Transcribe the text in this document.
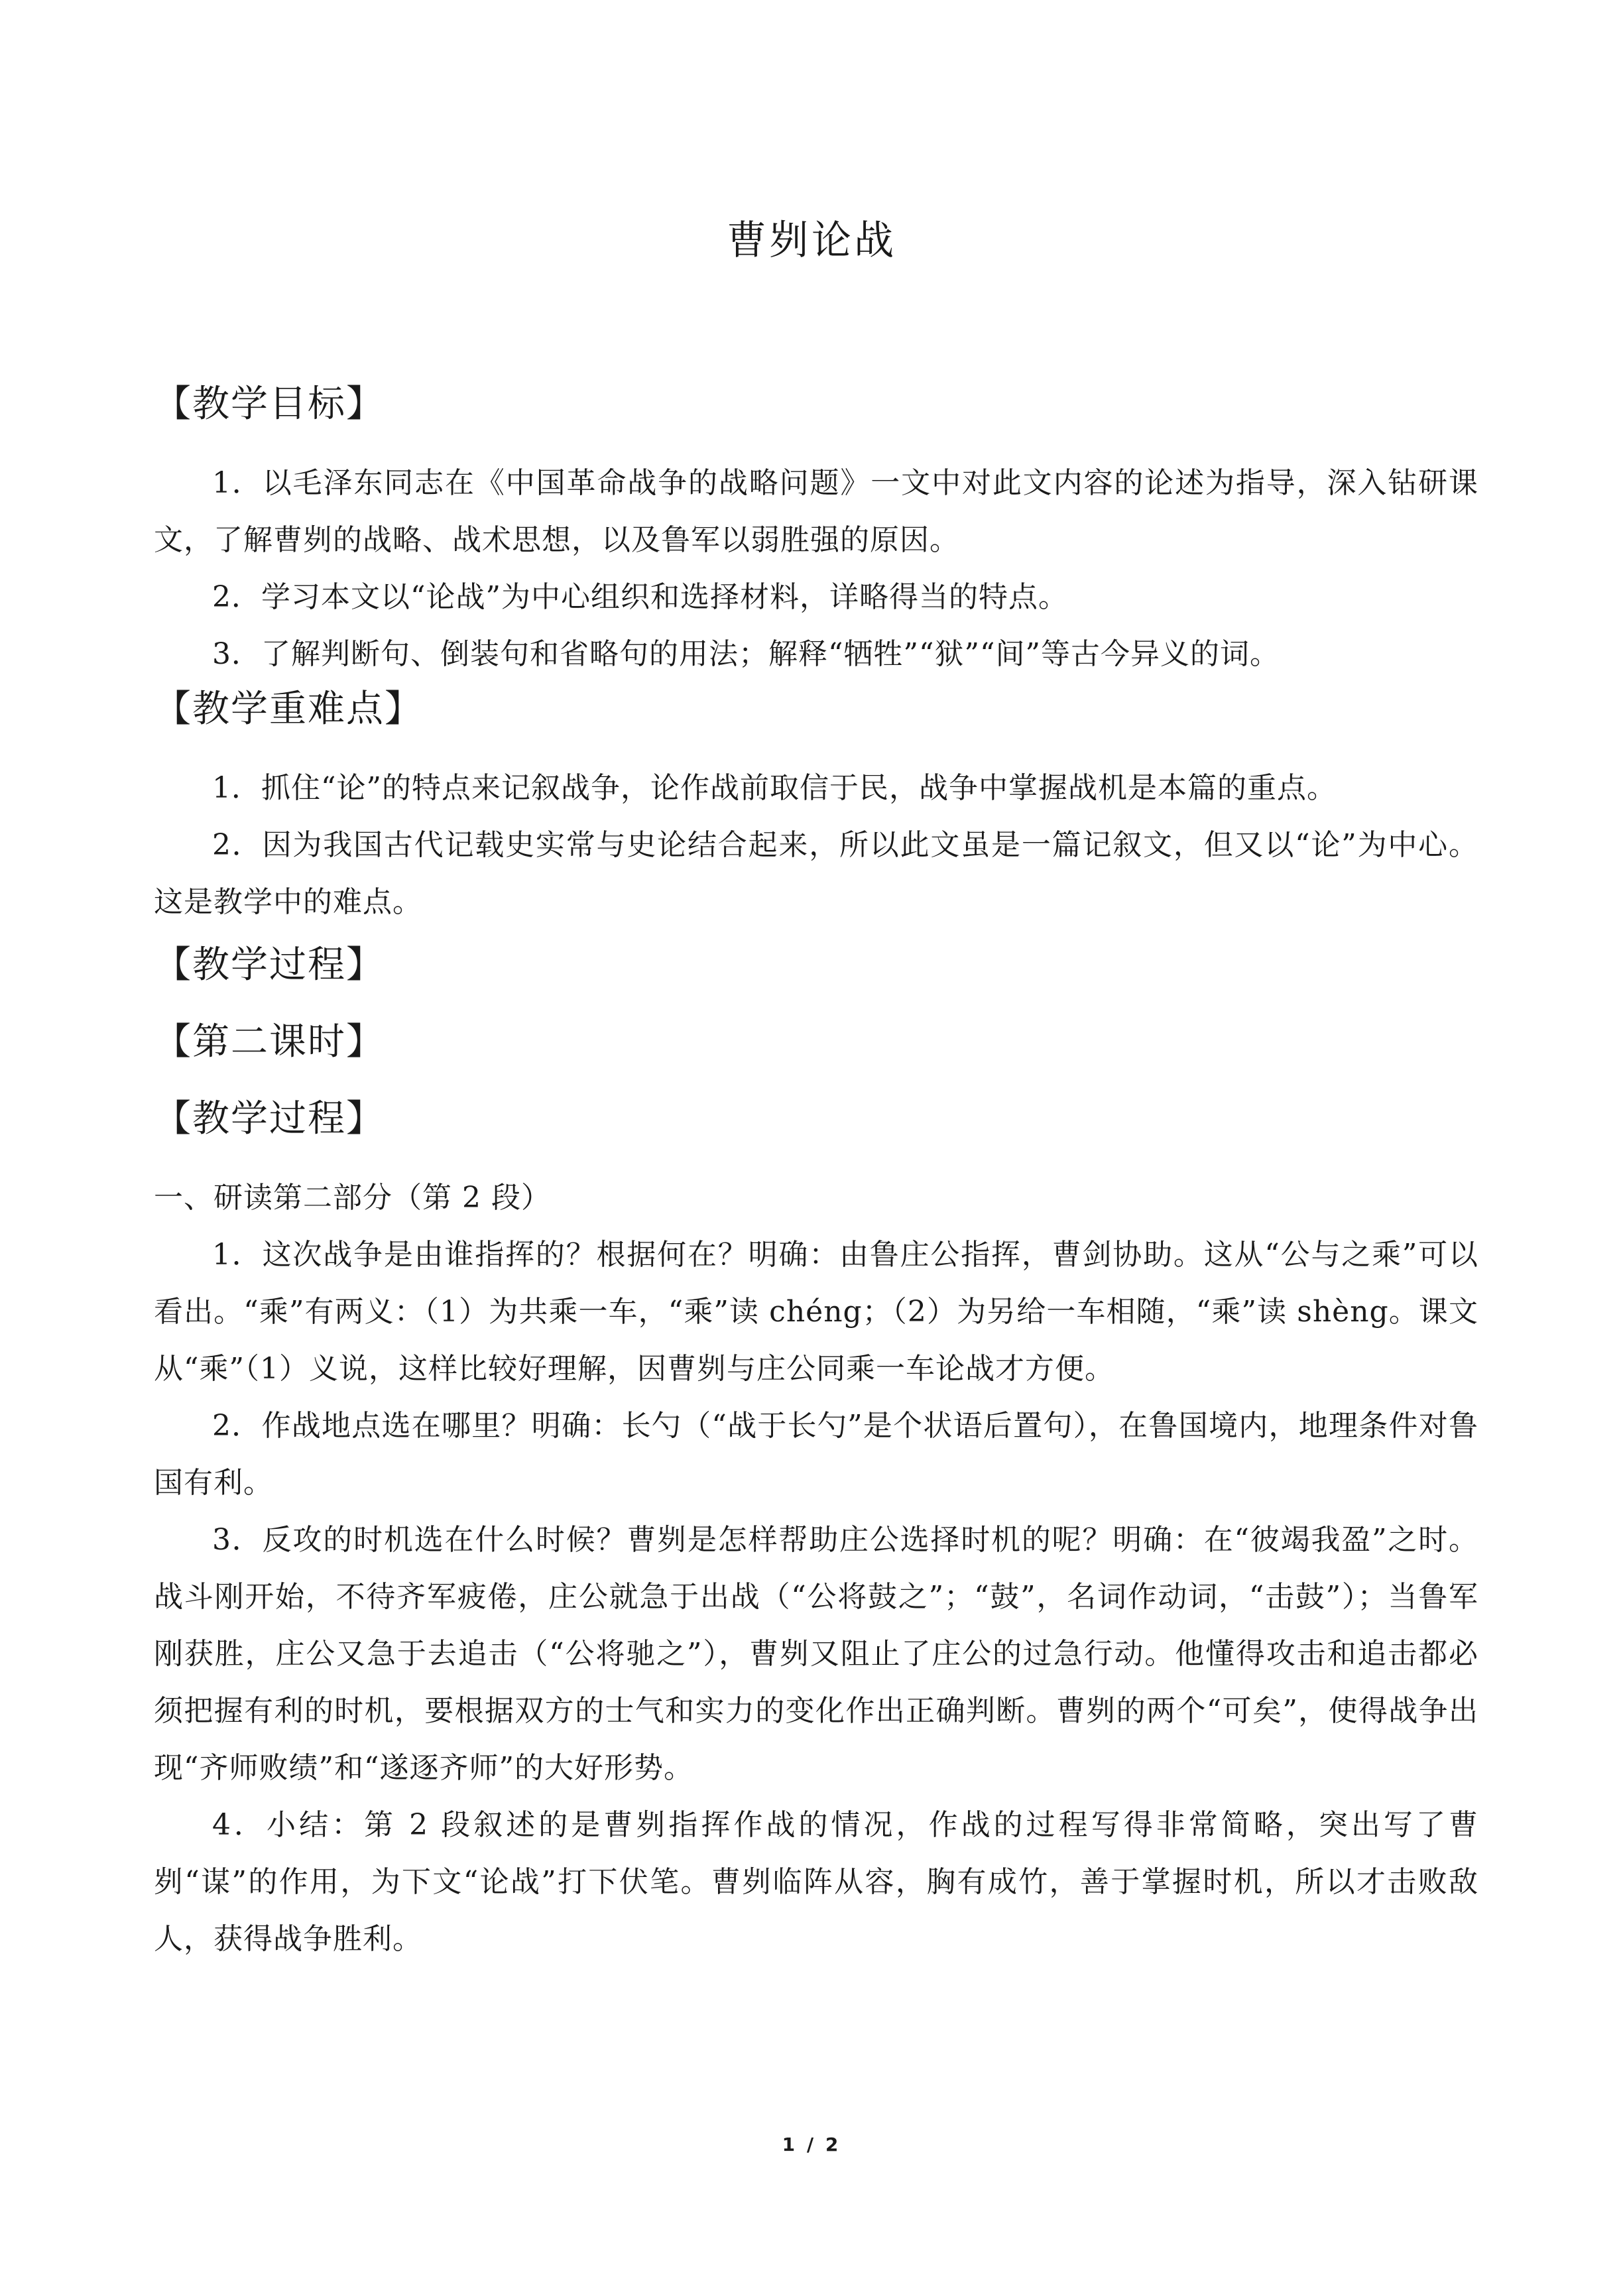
曹刿论战

【教学目标】

1．以毛泽东同志在《中国革命战争的战略问题》一文中对此文内容的论述为指导，深入钻研课文，了解曹刿的战略、战术思想，以及鲁军以弱胜强的原因。

2．学习本文以“论战”为中心组织和选择材料，详略得当的特点。

3．了解判断句、倒装句和省略句的用法；解释“牺牲”“狱”“间”等古今异义的词。

【教学重难点】

1．抓住“论”的特点来记叙战争，论作战前取信于民，战争中掌握战机是本篇的重点。

2．因为我国古代记载史实常与史论结合起来，所以此文虽是一篇记叙文，但又以“论”为中心。这是教学中的难点。

【教学过程】

【第二课时】

【教学过程】

一、研读第二部分（第 2 段）

1．这次战争是由谁指挥的？根据何在？明确：由鲁庄公指挥，曹剑协助。这从“公与之乘”可以看出。“乘”有两义：（1）为共乘一车，“乘”读 chéng；（2）为另给一车相随，“乘”读 shèng。课文从“乘”（1）义说，这样比较好理解，因曹刿与庄公同乘一车论战才方便。

2．作战地点选在哪里？明确：长勺（“战于长勺”是个状语后置句），在鲁国境内，地理条件对鲁国有利。

3．反攻的时机选在什么时候？曹刿是怎样帮助庄公选择时机的呢？明确：在“彼竭我盈”之时。战斗刚开始，不待齐军疲倦，庄公就急于出战（“公将鼓之”；“鼓”，名词作动词，“击鼓”）；当鲁军刚获胜，庄公又急于去追击（“公将驰之”），曹刿又阻止了庄公的过急行动。他懂得攻击和追击都必须把握有利的时机，要根据双方的士气和实力的变化作出正确判断。曹刿的两个“可矣”，使得战争出现“齐师败绩”和“遂逐齐师”的大好形势。

4．小结：第 2 段叙述的是曹刿指挥作战的情况，作战的过程写得非常简略，突出写了曹刿“谋”的作用，为下文“论战”打下伏笔。曹刿临阵从容，胸有成竹，善于掌握时机，所以才击败敌人，获得战争胜利。

1 / 2
